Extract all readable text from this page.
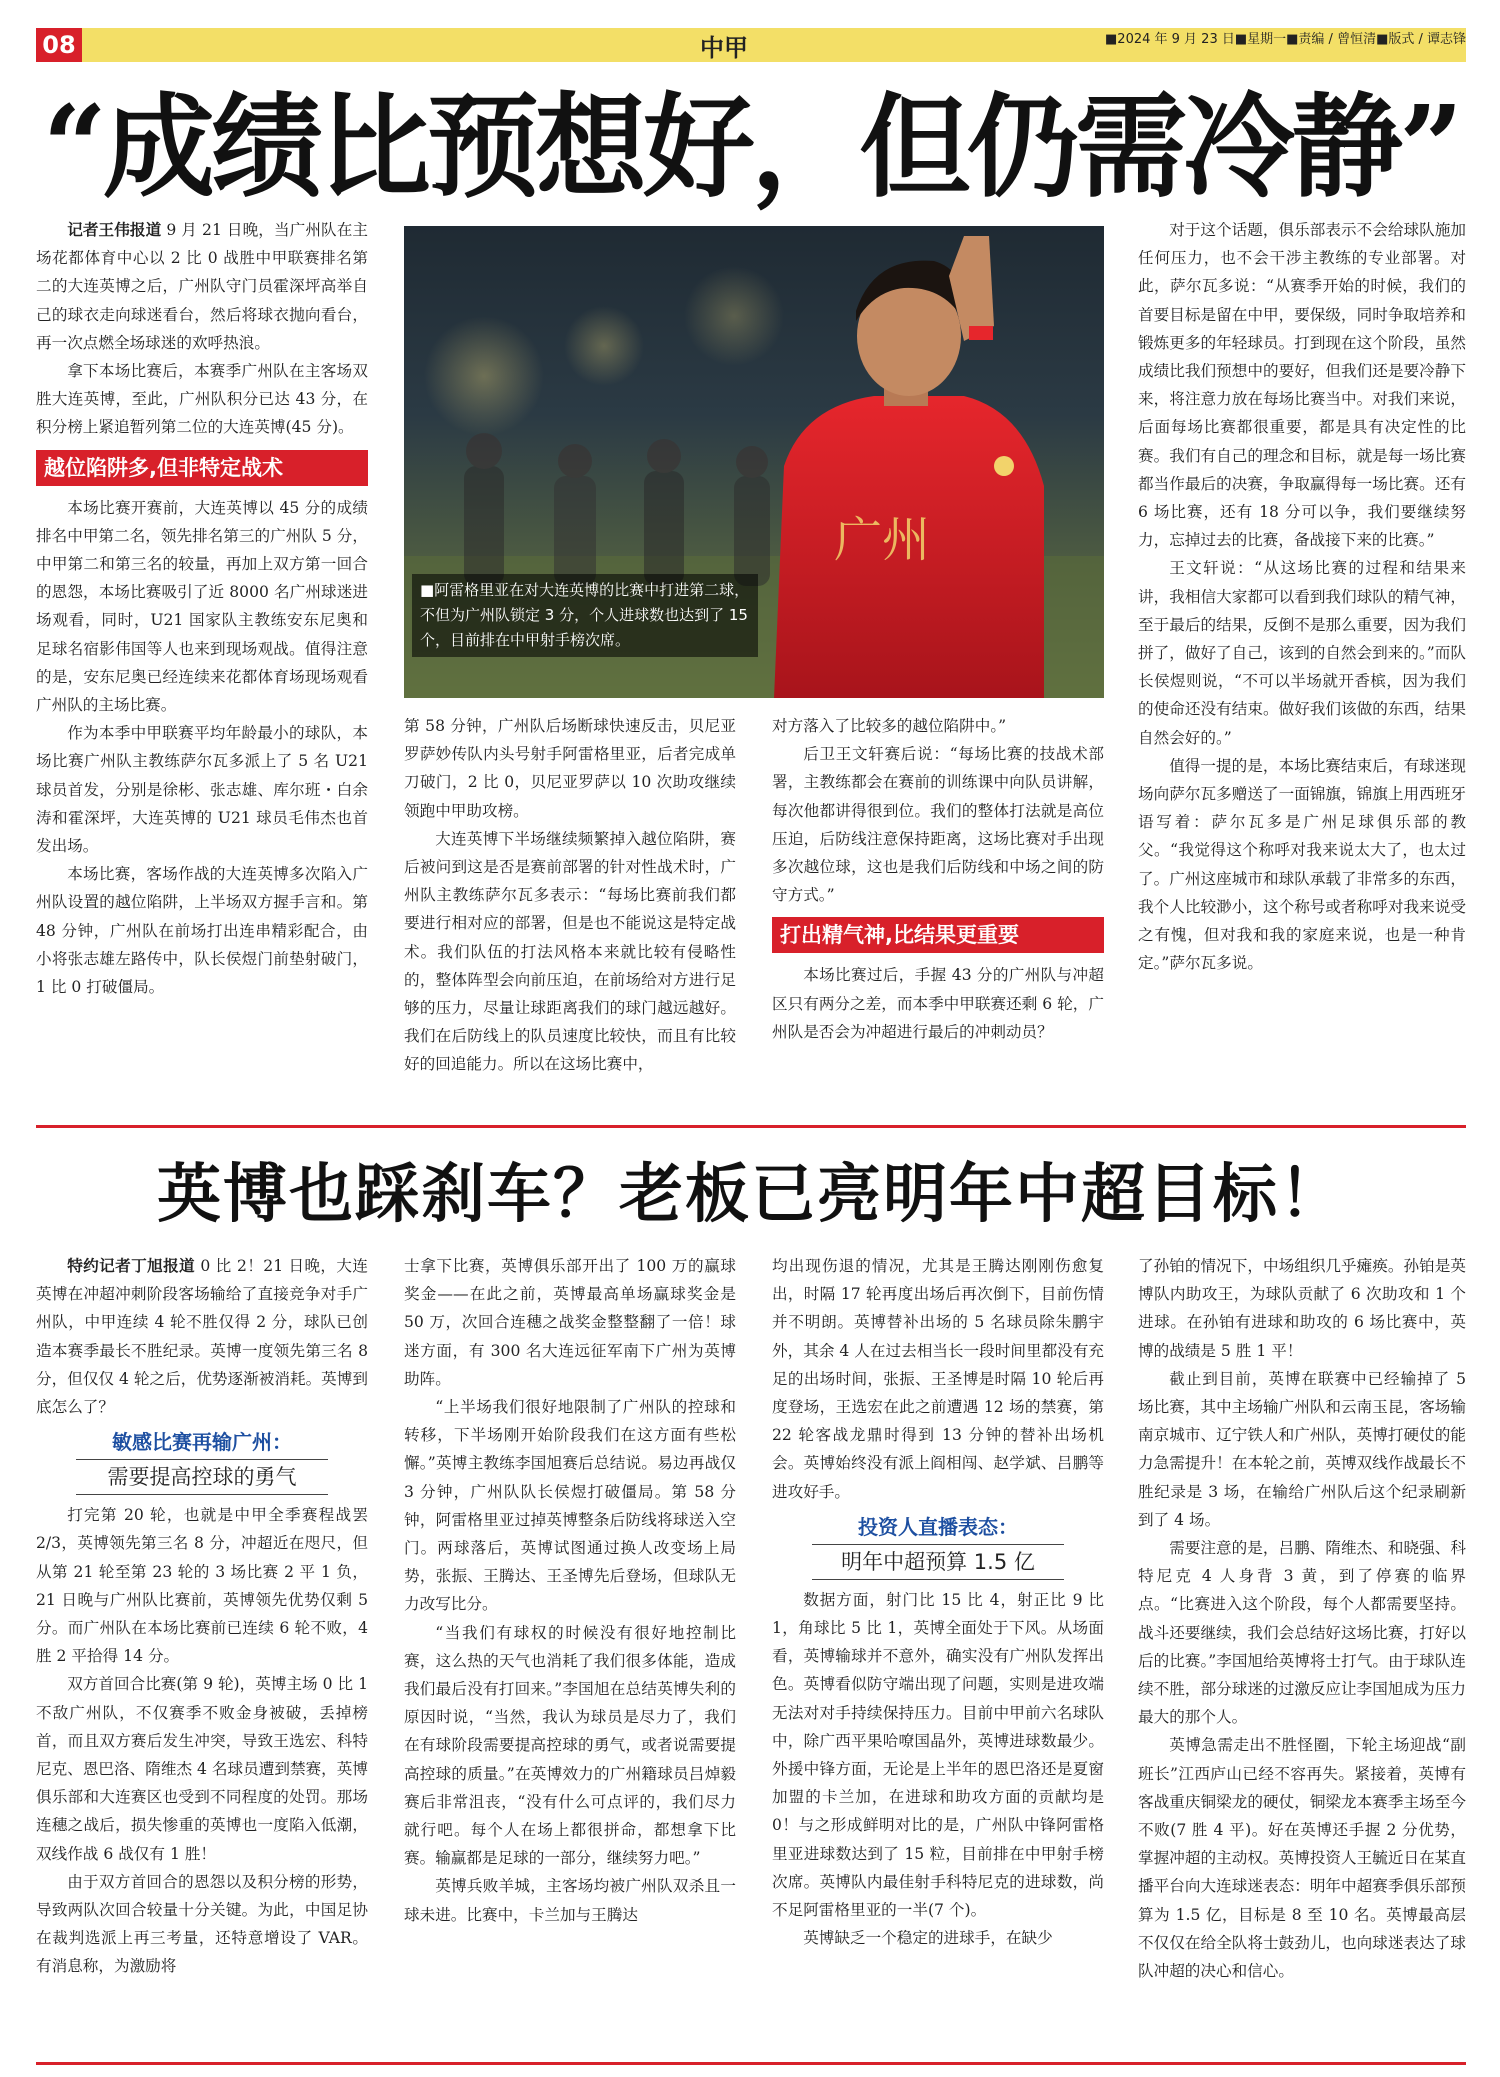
08	中甲	■2024 年 9 月 23 日■星期一■责编 / 曾恒清■版式 / 谭志锋
“成绩比预想好，但仍需冷静”

记者王伟报道 9 月 21 日晚，当广州队在主场花都体育中心以 2 比 0 战胜中甲联赛排名第二的大连英博之后，广州队守门员霍深坪高举自己的球衣走向球迷看台，然后将球衣抛向看台，再一次点燃全场球迷的欢呼热浪。

拿下本场比赛后，本赛季广州队在主客场双胜大连英博，至此，广州队积分已达 43 分，在积分榜上紧追暂列第二位的大连英博(45 分)。

越位陷阱多,但非特定战术

本场比赛开赛前，大连英博以 45 分的成绩排名中甲第二名，领先排名第三的广州队 5 分，中甲第二和第三名的较量，再加上双方第一回合的恩怨，本场比赛吸引了近 8000 名广州球迷进场观看，同时，U21 国家队主教练安东尼奥和足球名宿影伟国等人也来到现场观战。值得注意的是，安东尼奥已经连续来花都体育场现场观看广州队的主场比赛。

作为本季中甲联赛平均年龄最小的球队，本场比赛广州队主教练萨尔瓦多派上了 5 名 U21 球员首发，分别是徐彬、张志雄、库尔班・白余涛和霍深坪，大连英博的 U21 球员毛伟杰也首发出场。

本场比赛，客场作战的大连英博多次陷入广州队设置的越位陷阱，上半场双方握手言和。第 48 分钟，广州队在前场打出连串精彩配合，由小将张志雄左路传中，队长侯煜门前垫射破门，1 比 0 打破僵局。

广州
■阿雷格里亚在对大连英博的比赛中打进第二球，不但为广州队锁定 3 分，个人进球数也达到了 15 个，目前排在中甲射手榜次席。

第 58 分钟，广州队后场断球快速反击，贝尼亚罗萨妙传队内头号射手阿雷格里亚，后者完成单刀破门，2 比 0，贝尼亚罗萨以 10 次助攻继续领跑中甲助攻榜。

大连英博下半场继续频繁掉入越位陷阱，赛后被问到这是否是赛前部署的针对性战术时，广州队主教练萨尔瓦多表示：“每场比赛前我们都要进行相对应的部署，但是也不能说这是特定战术。我们队伍的打法风格本来就比较有侵略性的，整体阵型会向前压迫，在前场给对方进行足够的压力，尽量让球距离我们的球门越远越好。我们在后防线上的队员速度比较快，而且有比较好的回追能力。所以在这场比赛中，

对方落入了比较多的越位陷阱中。”

后卫王文轩赛后说：“每场比赛的技战术部署，主教练都会在赛前的训练课中向队员讲解，每次他都讲得很到位。我们的整体打法就是高位压迫，后防线注意保持距离，这场比赛对手出现多次越位球，这也是我们后防线和中场之间的防守方式。”

打出精气神,比结果更重要

本场比赛过后，手握 43 分的广州队与冲超区只有两分之差，而本季中甲联赛还剩 6 轮，广州队是否会为冲超进行最后的冲刺动员？

对于这个话题，俱乐部表示不会给球队施加任何压力，也不会干涉主教练的专业部署。对此，萨尔瓦多说：“从赛季开始的时候，我们的首要目标是留在中甲，要保级，同时争取培养和锻炼更多的年轻球员。打到现在这个阶段，虽然成绩比我们预想中的要好，但我们还是要冷静下来，将注意力放在每场比赛当中。对我们来说，后面每场比赛都很重要，都是具有决定性的比赛。我们有自己的理念和目标，就是每一场比赛都当作最后的决赛，争取赢得每一场比赛。还有 6 场比赛，还有 18 分可以争，我们要继续努力，忘掉过去的比赛，备战接下来的比赛。”

王文轩说：“从这场比赛的过程和结果来讲，我相信大家都可以看到我们球队的精气神，至于最后的结果，反倒不是那么重要，因为我们拼了，做好了自己，该到的自然会到来的。”而队长侯煜则说，“不可以半场就开香槟，因为我们的使命还没有结束。做好我们该做的东西，结果自然会好的。”

值得一提的是，本场比赛结束后，有球迷现场向萨尔瓦多赠送了一面锦旗，锦旗上用西班牙语写着：萨尔瓦多是广州足球俱乐部的教父。“我觉得这个称呼对我来说太大了，也太过了。广州这座城市和球队承载了非常多的东西，我个人比较渺小，这个称号或者称呼对我来说受之有愧，但对我和我的家庭来说，也是一种肯定。”萨尔瓦多说。

英博也踩刹车？老板已亮明年中超目标！

特约记者丁旭报道 0 比 2！21 日晚，大连英博在冲超冲刺阶段客场输给了直接竞争对手广州队，中甲连续 4 轮不胜仅得 2 分，球队已创造本赛季最长不胜纪录。英博一度领先第三名 8 分，但仅仅 4 轮之后，优势逐渐被消耗。英博到底怎么了？

敏感比赛再输广州：
需要提高控球的勇气

打完第 20 轮，也就是中甲全季赛程战罢 2/3，英博领先第三名 8 分，冲超近在咫尺，但从第 21 轮至第 23 轮的 3 场比赛 2 平 1 负，21 日晚与广州队比赛前，英博领先优势仅剩 5 分。而广州队在本场比赛前已连续 6 轮不败，4 胜 2 平拾得 14 分。

双方首回合比赛(第 9 轮)，英博主场 0 比 1 不敌广州队，不仅赛季不败金身被破，丢掉榜首，而且双方赛后发生冲突，导致王选宏、科特尼克、恩巴洛、隋维杰 4 名球员遭到禁赛，英博俱乐部和大连赛区也受到不同程度的处罚。那场连穗之战后，损失惨重的英博也一度陷入低潮，双线作战 6 战仅有 1 胜！

由于双方首回合的恩怨以及积分榜的形势，导致两队次回合较量十分关键。为此，中国足协在裁判选派上再三考量，还特意增设了 VAR。有消息称，为激励将

士拿下比赛，英博俱乐部开出了 100 万的赢球奖金——在此之前，英博最高单场赢球奖金是 50 万，次回合连穗之战奖金整整翻了一倍！球迷方面，有 300 名大连远征军南下广州为英博助阵。

“上半场我们很好地限制了广州队的控球和转移，下半场刚开始阶段我们在这方面有些松懈。”英博主教练李国旭赛后总结说。易边再战仅 3 分钟，广州队队长侯煜打破僵局。第 58 分钟，阿雷格里亚过掉英博整条后防线将球送入空门。两球落后，英博试图通过换人改变场上局势，张振、王腾达、王圣博先后登场，但球队无力改写比分。

“当我们有球权的时候没有很好地控制比赛，这么热的天气也消耗了我们很多体能，造成我们最后没有打回来。”李国旭在总结英博失利的原因时说，“当然，我认为球员是尽力了，我们在有球阶段需要提高控球的勇气，或者说需要提高控球的质量。”在英博效力的广州籍球员吕焯毅赛后非常沮丧，“没有什么可点评的，我们尽力就行吧。每个人在场上都很拼命，都想拿下比赛。输赢都是足球的一部分，继续努力吧。”

英博兵败羊城，主客场均被广州队双杀且一球未进。比赛中，卡兰加与王腾达

均出现伤退的情况，尤其是王腾达刚刚伤愈复出，时隔 17 轮再度出场后再次倒下，目前伤情并不明朗。英博替补出场的 5 名球员除朱鹏宇外，其余 4 人在过去相当长一段时间里都没有充足的出场时间，张振、王圣博是时隔 10 轮后再度登场，王选宏在此之前遭遇 12 场的禁赛，第 22 轮客战龙鼎时得到 13 分钟的替补出场机会。英博始终没有派上阎相闯、赵学斌、吕鹏等进攻好手。

投资人直播表态：
明年中超预算 1.5 亿

数据方面，射门比 15 比 4，射正比 9 比 1，角球比 5 比 1，英博全面处于下风。从场面看，英博输球并不意外，确实没有广州队发挥出色。英博看似防守端出现了问题，实则是进攻端无法对对手持续保持压力。目前中甲前六名球队中，除广西平果哈嘹国晶外，英博进球数最少。外援中锋方面，无论是上半年的恩巴洛还是夏窗加盟的卡兰加，在进球和助攻方面的贡献均是 0！与之形成鲜明对比的是，广州队中锋阿雷格里亚进球数达到了 15 粒，目前排在中甲射手榜次席。英博队内最佳射手科特尼克的进球数，尚不足阿雷格里亚的一半(7 个)。

英博缺乏一个稳定的进球手，在缺少

了孙铂的情况下，中场组织几乎瘫痪。孙铂是英博队内助攻王，为球队贡献了 6 次助攻和 1 个进球。在孙铂有进球和助攻的 6 场比赛中，英博的战绩是 5 胜 1 平！

截止到目前，英博在联赛中已经输掉了 5 场比赛，其中主场输广州队和云南玉昆，客场输南京城市、辽宁铁人和广州队，英博打硬仗的能力急需提升！在本轮之前，英博双线作战最长不胜纪录是 3 场，在输给广州队后这个纪录刷新到了 4 场。

需要注意的是，吕鹏、隋维杰、和晓强、科特尼克 4 人身背 3 黄，到了停赛的临界点。“比赛进入这个阶段，每个人都需要坚持。战斗还要继续，我们会总结好这场比赛，打好以后的比赛。”李国旭给英博将士打气。由于球队连续不胜，部分球迷的过激反应让李国旭成为压力最大的那个人。

英博急需走出不胜怪圈，下轮主场迎战“副班长”江西庐山已经不容再失。紧接着，英博有客战重庆铜梁龙的硬仗，铜梁龙本赛季主场至今不败(7 胜 4 平)。好在英博还手握 2 分优势，掌握冲超的主动权。英博投资人王毓近日在某直播平台向大连球迷表态：明年中超赛季俱乐部预算为 1.5 亿，目标是 8 至 10 名。英博最高层不仅仅在给全队将士鼓劲儿，也向球迷表达了球队冲超的决心和信心。
